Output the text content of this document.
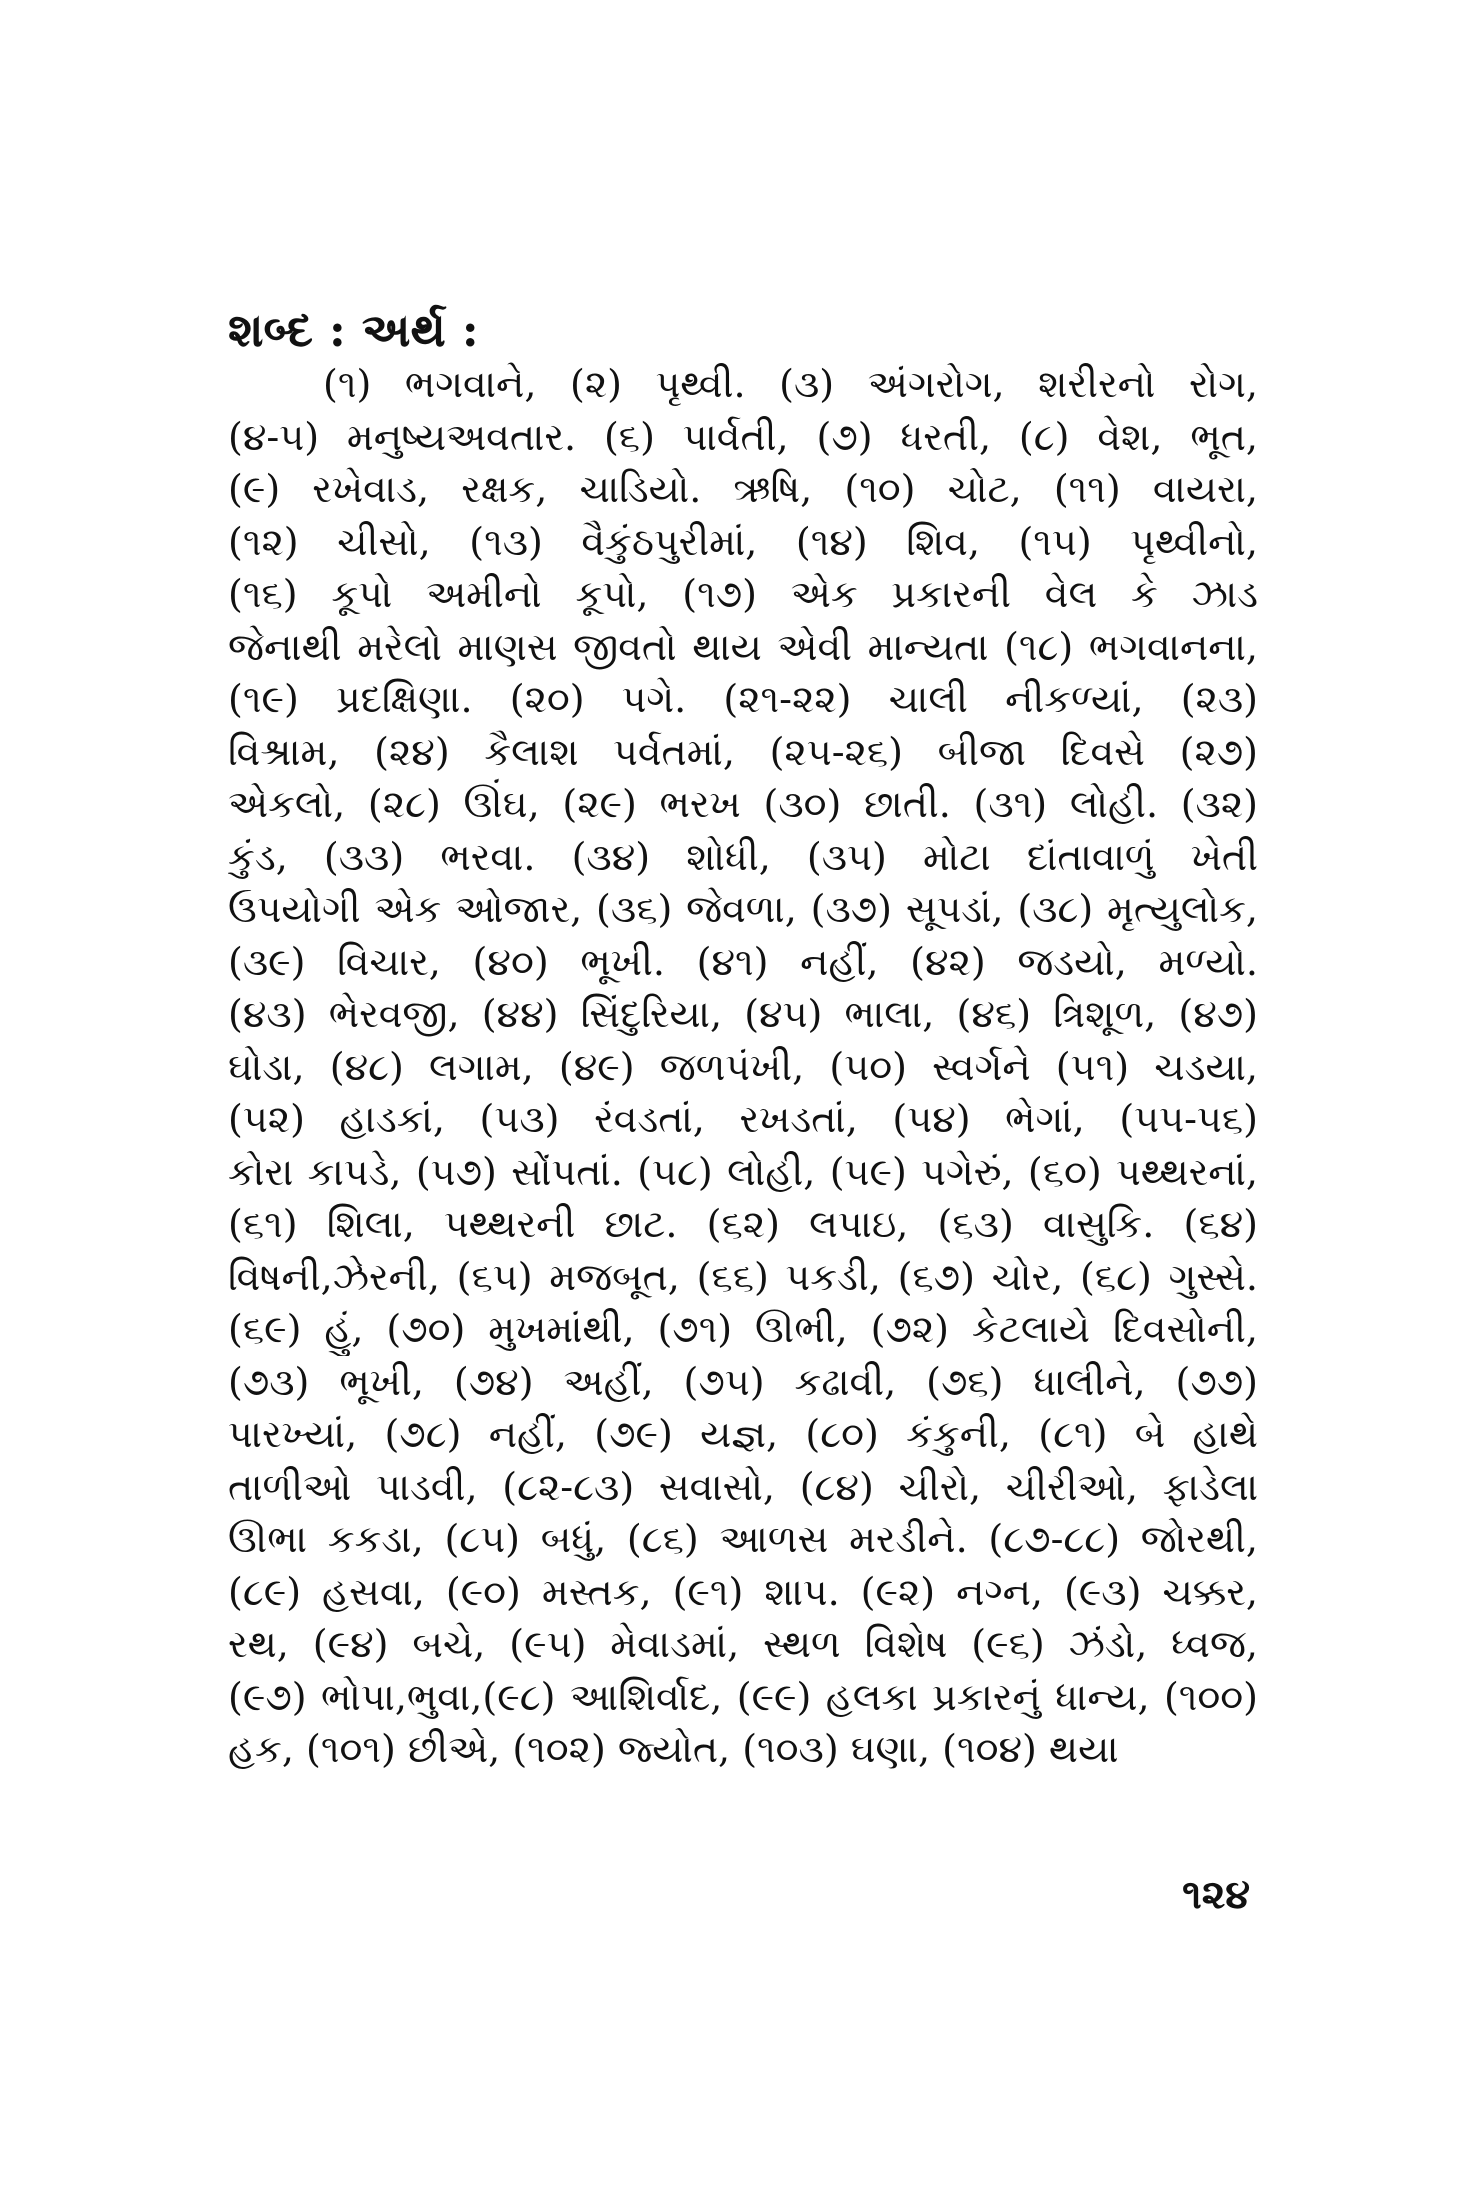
શબ્દ : અર્થ :
(૧) ભગવાને, (૨) પૃથ્વી. (૩) અંગરોગ, શરીરનો રોગ,
(૪-૫) મનુષ્યઅવતાર. (૬) પાર્વતી, (૭) ધરતી, (૮) વેશ, ભૂત,
(૯) રખેવાડ, રક્ષક, ચાડિયો. ઋષિ, (૧૦) ચોટ, (૧૧) વાયરા,
(૧૨) ચીસો, (૧૩) વૈકુંઠપુરીમાં, (૧૪) શિવ, (૧૫) પૃથ્વીનો,
(૧૬) કૂપો અમીનો કૂપો, (૧૭) એક પ્રકારની વેલ કે ઝાડ
જેનાથી મરેલો માણસ જીવતો થાય એવી માન્યતા (૧૮) ભગવાનના,
(૧૯) પ્રદક્ષિણા. (૨૦) પગે. (૨૧-૨૨) ચાલી નીકળ્યાં, (૨૩)
વિશ્રામ, (૨૪) કૈલાશ પર્વતમાં, (૨૫-૨૬) બીજા દિવસે (૨૭)
એકલો, (૨૮) ઊંઘ, (૨૯) ભરખ (૩૦) છાતી. (૩૧) લોહી. (૩૨)
કુંડ, (૩૩) ભરવા. (૩૪) શોધી, (૩૫) મોટા દાંતાવાળું ખેતી
ઉપયોગી એક ઓજાર, (૩૬) જેવળા, (૩૭) સૂપડાં, (૩૮) મૃત્યુલોક,
(૩૯) વિચાર, (૪૦) ભૂખી. (૪૧) નહીં, (૪૨) જડયો, મળ્યો.
(૪૩) ભેરવજી, (૪૪) સિંદુરિયા, (૪૫) ભાલા, (૪૬) ત્રિશૂળ, (૪૭)
ઘોડા, (૪૮) લગામ, (૪૯) જળપંખી, (૫૦) સ્વર્ગને (૫૧) ચડયા,
(૫૨) હાડકાં, (૫૩) રંવડતાં, રખડતાં, (૫૪) ભેગાં, (૫૫-૫૬)
કોરા કાપડે, (૫૭) સોંપતાં. (૫૮) લોહી, (૫૯) પગેરું, (૬૦) પથ્થરનાં,
(૬૧) શિલા, પથ્થરની છાટ. (૬૨) લપાઇ, (૬૩) વાસુકિ. (૬૪)
વિષની,ઝેરની, (૬૫) મજબૂત, (૬૬) પકડી, (૬૭) ચોર, (૬૮) ગુસ્સે.
(૬૯) હું, (૭૦) મુખમાંથી, (૭૧) ઊભી, (૭૨) કેટલાયે દિવસોની,
(૭૩) ભૂખી, (૭૪) અહીં, (૭૫) કઢાવી, (૭૬) ધાલીને, (૭૭)
પારખ્યાં, (૭૮) નહીં, (૭૯) યજ્ઞ, (૮૦) કંકુની, (૮૧) બે હાથે
તાળીઓ પાડવી, (૮૨-૮૩) સવાસો, (૮૪) ચીરો, ચીરીઓ, ફાડેલા
ઊભા કકડા, (૮૫) બધું, (૮૬) આળસ મરડીને. (૮૭-૮૮) જોરથી,
(૮૯) હસવા, (૯૦) મસ્તક, (૯૧) શાપ. (૯૨) નગ્ન, (૯૩) ચક્કર,
રથ, (૯૪) બચે, (૯૫) મેવાડમાં, સ્થળ વિશેષ (૯૬) ઝંડો, ધ્વજ,
(૯૭) ભોપા,ભુવા,(૯૮) આશિર્વાદ, (૯૯) હલકા પ્રકારનું ધાન્ય, (૧૦૦)
હક, (૧૦૧) છીએ, (૧૦૨) જ્યોત, (૧૦૩) ઘણા, (૧૦૪) થયા
૧૨૪
